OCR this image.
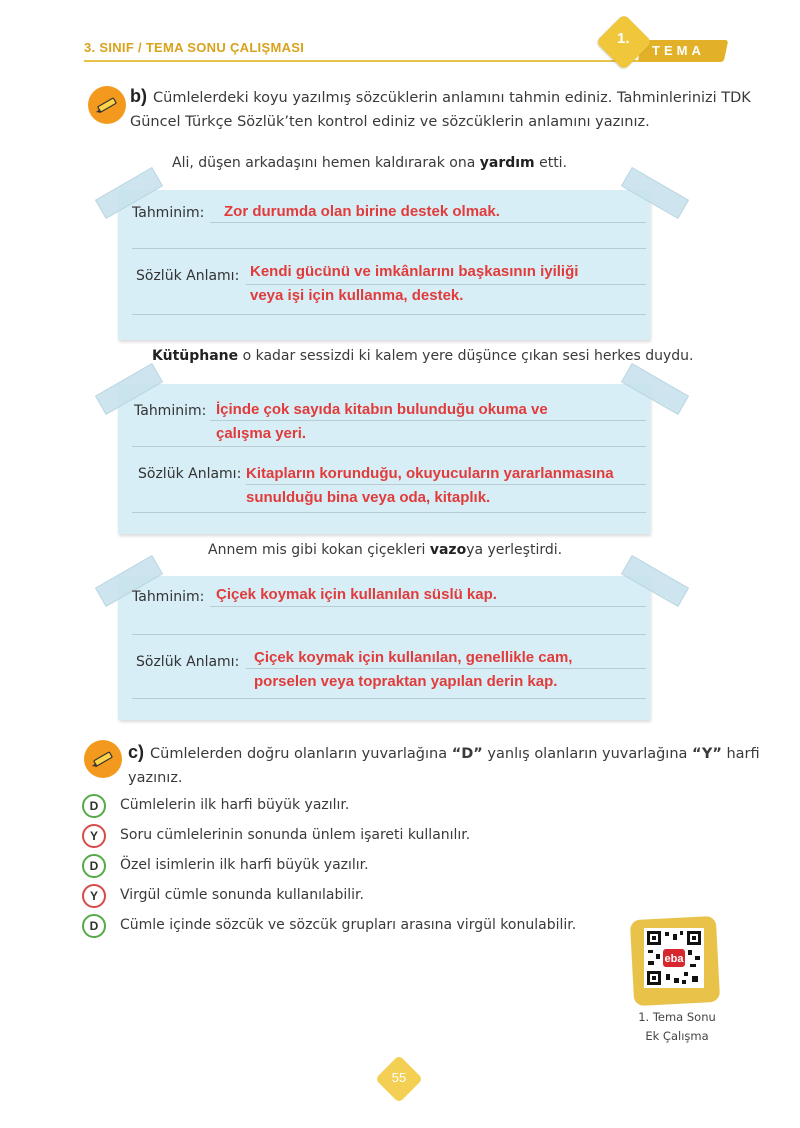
3. SINIF / TEMA SONU ÇALIŞMASI	TEMA
1.
b) Cümlelerdeki koyu yazılmış sözcüklerin anlamını tahmin ediniz. Tahminlerinizi TDK
Güncel Türkçe Sözlük’ten kontrol ediniz ve sözcüklerin anlamını yazınız.
Ali, düşen arkadaşını hemen kaldırarak ona yardım etti.
Tahminim: Zor durumda olan birine destek olmak.
Sözlük Anlamı: Kendi gücünü ve imkânlarını başkasının iyiliği
veya işi için kullanma, destek.
Kütüphane o kadar sessizdi ki kalem yere düşünce çıkan sesi herkes duydu.
Tahminim: İçinde çok sayıda kitabın bulunduğu okuma ve
çalışma yeri.
Sözlük Anlamı: Kitapların korunduğu, okuyucuların yararlanmasına
sunulduğu bina veya oda, kitaplık.
Annem mis gibi kokan çiçekleri vazoya yerleştirdi.
Tahminim: Çiçek koymak için kullanılan süslü kap.
Sözlük Anlamı: Çiçek koymak için kullanılan, genellikle cam,
porselen veya topraktan yapılan derin kap.
c) Cümlelerden doğru olanların yuvarlağına “D” yanlış olanların yuvarlağına “Y” harfi
yazınız.
D	Cümlelerin ilk harfi büyük yazılır.
Y	Soru cümlelerinin sonunda ünlem işareti kullanılır.
D	Özel isimlerin ilk harfi büyük yazılır.
Y	Virgül cümle sonunda kullanılabilir.
D	Cümle içinde sözcük ve sözcük grupları arasına virgül konulabilir.
eba
1. Tema Sonu
Ek Çalışma
55
